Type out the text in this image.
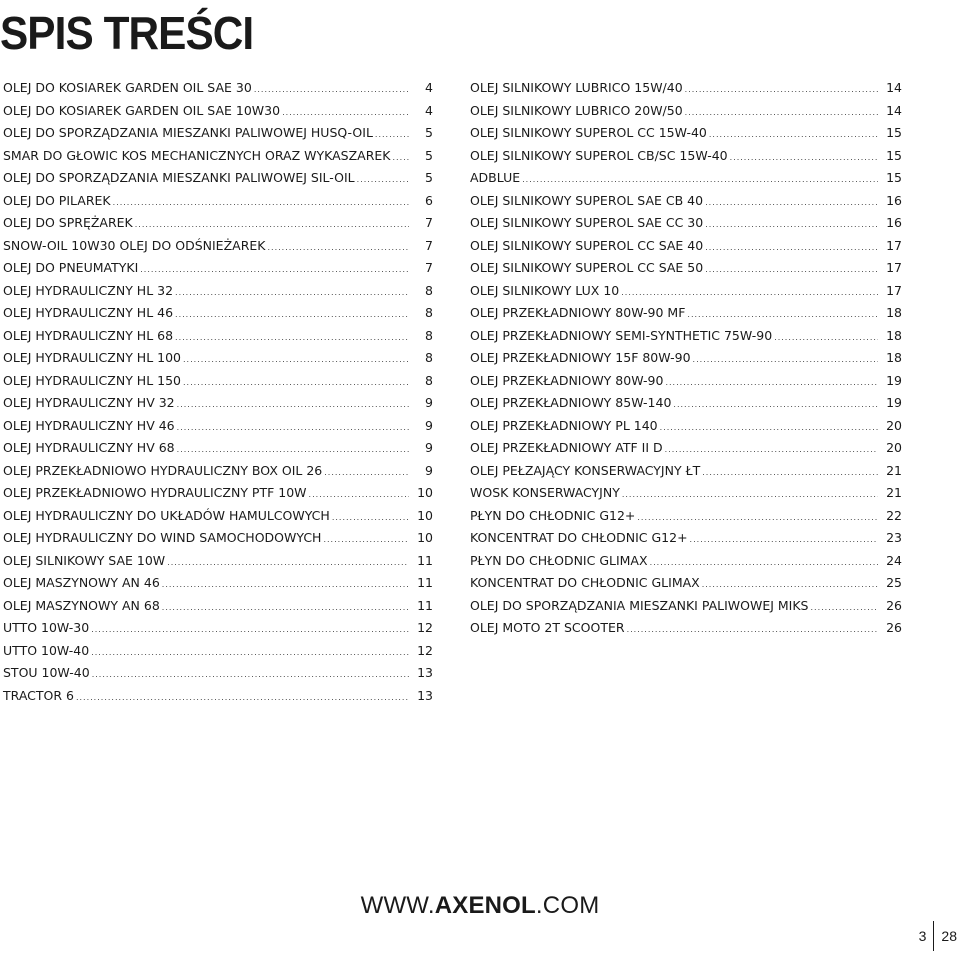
SPIS TREŚCI
OLEJ DO KOSIAREK GARDEN OIL SAE 30 .....	4
OLEJ DO KOSIAREK GARDEN OIL SAE 10W30 .....	4
OLEJ DO SPORZĄDZANIA MIESZANKI PALIWOWEJ HUSQ-OIL .....	5
SMAR DO GŁOWIC KOS MECHANICZNYCH ORAZ WYKASZAREK .....	5
OLEJ DO SPORZĄDZANIA MIESZANKI PALIWOWEJ SIL-OIL .....	5
OLEJ DO PILAREK .....	6
OLEJ DO SPRĘŻAREK .....	7
SNOW-OIL 10W30 OLEJ DO ODŚNIEŻAREK .....	7
OLEJ DO PNEUMATYKI .....	7
OLEJ HYDRAULICZNY HL 32 .....	8
OLEJ HYDRAULICZNY HL 46 .....	8
OLEJ HYDRAULICZNY HL 68 .....	8
OLEJ HYDRAULICZNY HL 100 .....	8
OLEJ HYDRAULICZNY HL 150 .....	8
OLEJ HYDRAULICZNY HV 32 .....	9
OLEJ HYDRAULICZNY HV 46 .....	9
OLEJ HYDRAULICZNY HV 68 .....	9
OLEJ PRZEKŁADNIOWO HYDRAULICZNY BOX OIL 26 .....	9
OLEJ PRZEKŁADNIOWO HYDRAULICZNY PTF 10W .....	10
OLEJ HYDRAULICZNY DO UKŁADÓW HAMULCOWYCH .....	10
OLEJ HYDRAULICZNY DO WIND SAMOCHODOWYCH .....	10
OLEJ SILNIKOWY SAE 10W .....	11
OLEJ MASZYNOWY AN 46 .....	11
OLEJ MASZYNOWY AN 68 .....	11
UTTO 10W-30 .....	12
UTTO 10W-40 .....	12
STOU 10W-40 .....	13
TRACTOR 6 .....	13
OLEJ SILNIKOWY LUBRICO 15W/40 .....	14
OLEJ SILNIKOWY LUBRICO 20W/50 .....	14
OLEJ SILNIKOWY SUPEROL CC 15W-40 .....	15
OLEJ SILNIKOWY SUPEROL CB/SC 15W-40 .....	15
ADBLUE .....	15
OLEJ SILNIKOWY SUPEROL SAE CB 40 .....	16
OLEJ SILNIKOWY SUPEROL SAE CC 30 .....	16
OLEJ SILNIKOWY SUPEROL CC SAE 40 .....	17
OLEJ SILNIKOWY SUPEROL CC SAE 50 .....	17
OLEJ SILNIKOWY LUX 10 .....	17
OLEJ PRZEKŁADNIOWY 80W-90 MF .....	18
OLEJ PRZEKŁADNIOWY SEMI-SYNTHETIC 75W-90 .....	18
OLEJ PRZEKŁADNIOWY 15F 80W-90 .....	18
OLEJ PRZEKŁADNIOWY 80W-90 .....	19
OLEJ PRZEKŁADNIOWY 85W-140 .....	19
OLEJ PRZEKŁADNIOWY PL 140 .....	20
OLEJ PRZEKŁADNIOWY ATF II D .....	20
OLEJ PEŁZAJĄCY KONSERWACYJNY ŁT .....	21
WOSK KONSERWACYJNY .....	21
PŁYN DO CHŁODNIC G12+ .....	22
KONCENTRAT DO CHŁODNIC G12+ .....	23
PŁYN DO CHŁODNIC GLIMAX .....	24
KONCENTRAT DO CHŁODNIC GLIMAX .....	25
OLEJ DO SPORZĄDZANIA MIESZANKI PALIWOWEJ MIKS .....	26
OLEJ MOTO 2T SCOOTER .....	26
WWW.AXENOL.COM
3 28
